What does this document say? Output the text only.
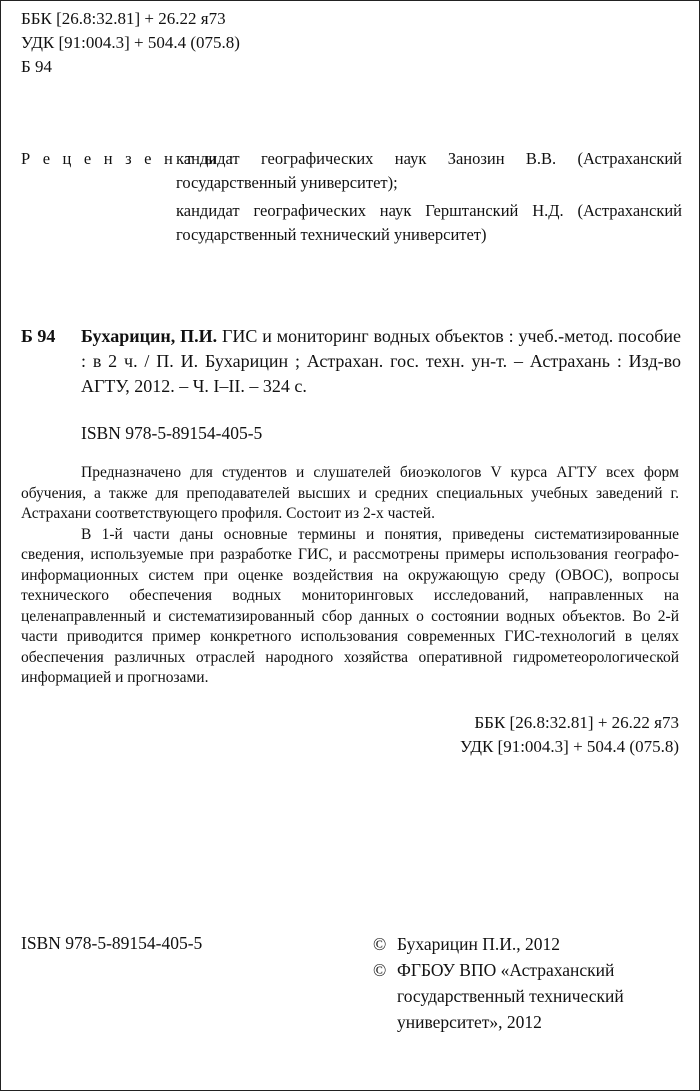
ББК [26.8:32.81] + 26.22 я73
УДК [91:004.3] + 504.4 (075.8)
Б 94
Р е ц е н з е н т ы :
кандидат географических наук Занозин В.В. (Астраханский государственный университет);
кандидат географических наук Герштанский Н.Д. (Астраханский государственный технический университет)
Б 94 Бухарицин, П.И. ГИС и мониторинг водных объектов : учеб.-метод. пособие : в 2 ч. / П. И. Бухарицин ; Астрахан. гос. техн. ун-т. – Астрахань : Изд-во АГТУ, 2012. – Ч. I–II. – 324 с.
ISBN 978-5-89154-405-5

Предназначено для студентов и слушателей биоэкологов V курса АГТУ всех форм обучения, а также для преподавателей высших и средних специальных учебных заведений г. Астрахани соответствующего профиля. Состоит из 2-х частей.

В 1-й части даны основные термины и понятия, приведены систематизированные сведения, используемые при разработке ГИС, и рассмотрены примеры использования географо-информационных систем при оценке воздействия на окружающую среду (ОВОС), вопросы технического обеспечения водных мониторинговых исследований, направленных на целенаправленный и систематизированный сбор данных о состоянии водных объектов. Во 2-й части приводится пример конкретного использования современных ГИС-технологий в целях обеспечения различных отраслей народного хозяйства оперативной гидрометеорологической информацией и прогнозами.

ББК [26.8:32.81] + 26.22 я73
УДК [91:004.3] + 504.4 (075.8)
ISBN 978-5-89154-405-5	© Бухарицин П.И., 2012
© ФГБОУ ВПО «Астраханский государственный технический университет», 2012
